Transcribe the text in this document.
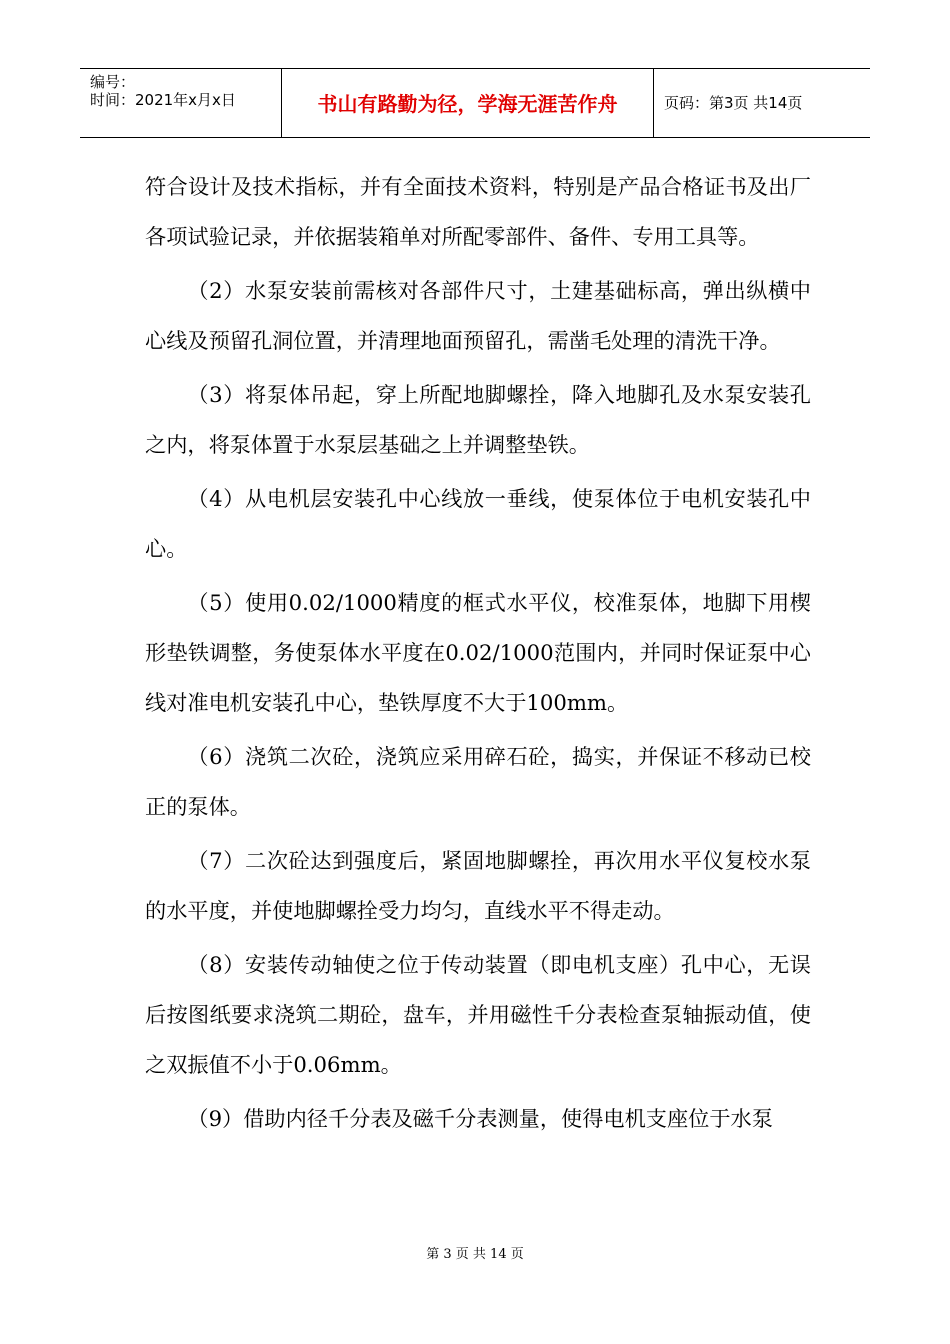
编号：
时间：2021年x月x日	书山有路勤为径，学海无涯苦作舟	页码：第3页 共14页

符合设计及技术指标，并有全面技术资料，特别是产品合格证书及出厂各项试验记录，并依据装箱单对所配零部件、备件、专用工具等。

（2）水泵安装前需核对各部件尺寸，土建基础标高，弹出纵横中心线及预留孔洞位置，并清理地面预留孔，需凿毛处理的清洗干净。

（3）将泵体吊起，穿上所配地脚螺拴，降入地脚孔及水泵安装孔之内，将泵体置于水泵层基础之上并调整垫铁。

（4）从电机层安装孔中心线放一垂线，使泵体位于电机安装孔中心。

（5）使用0.02/1000精度的框式水平仪，校准泵体，地脚下用楔形垫铁调整，务使泵体水平度在0.02/1000范围内，并同时保证泵中心线对准电机安装孔中心，垫铁厚度不大于100mm。

（6）浇筑二次砼，浇筑应采用碎石砼，捣实，并保证不移动已校正的泵体。

（7）二次砼达到强度后，紧固地脚螺拴，再次用水平仪复校水泵的水平度，并使地脚螺拴受力均匀，直线水平不得走动。

（8）安装传动轴使之位于传动装置（即电机支座）孔中心，无误后按图纸要求浇筑二期砼，盘车，并用磁性千分表检查泵轴振动值，使之双振值不小于0.06mm。

（9）借助内径千分表及磁千分表测量，使得电机支座位于水泵

第 3 页 共 14 页
